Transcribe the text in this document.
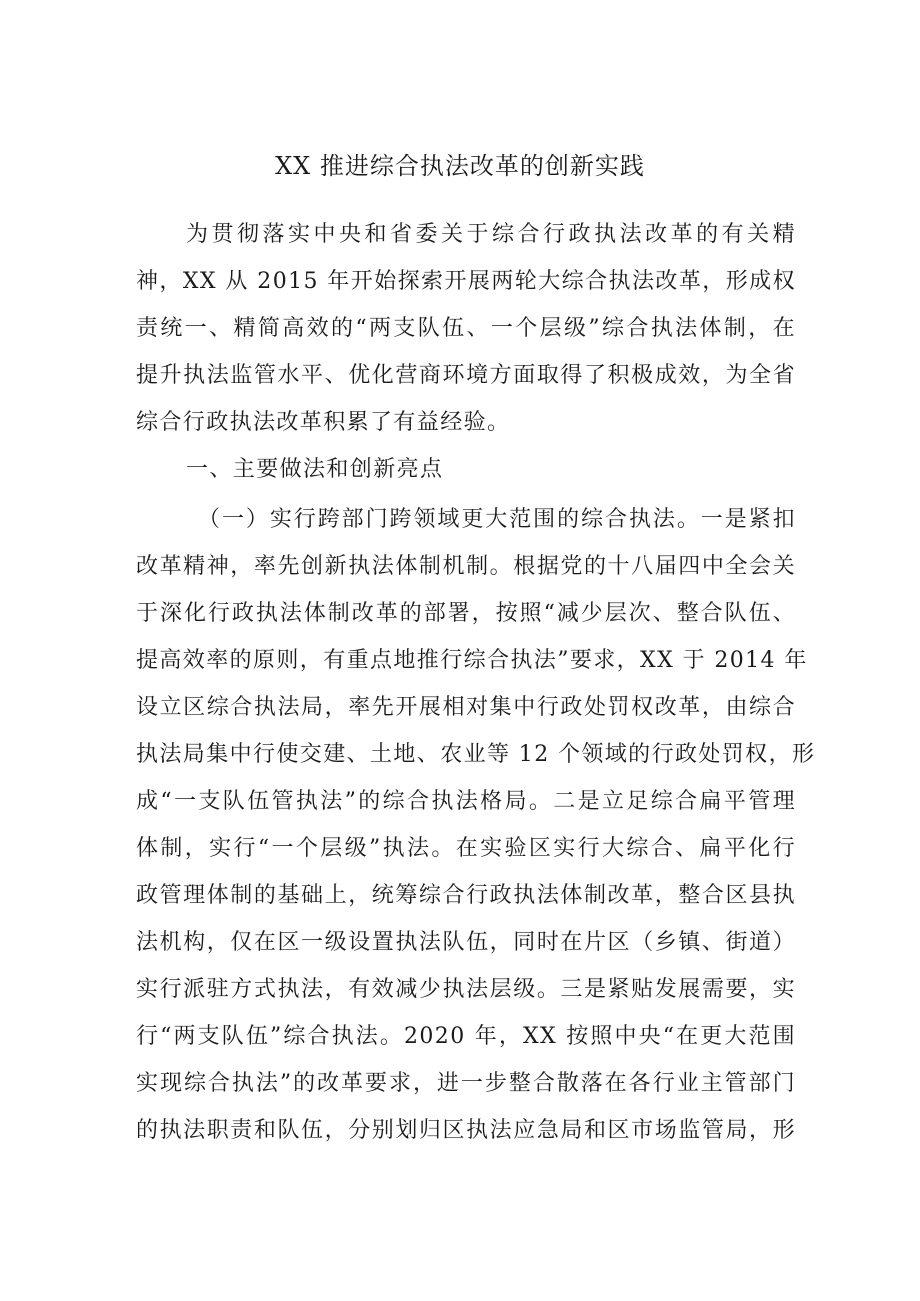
XX 推进综合执法改革的创新实践
为贯彻落实中央和省委关于综合行政执法改革的有关精
神，XX 从 2015 年开始探索开展两轮大综合执法改革，形成权
责统一、精简高效的“两支队伍、一个层级”综合执法体制，在
提升执法监管水平、优化营商环境方面取得了积极成效，为全省
综合行政执法改革积累了有益经验。
一、主要做法和创新亮点
（一）实行跨部门跨领域更大范围的综合执法。一是紧扣
改革精神，率先创新执法体制机制。根据党的十八届四中全会关
于深化行政执法体制改革的部署，按照“减少层次、整合队伍、
提高效率的原则，有重点地推行综合执法”要求，XX 于 2014 年
设立区综合执法局，率先开展相对集中行政处罚权改革，由综合
执法局集中行使交建、土地、农业等 12 个领域的行政处罚权，形
成“一支队伍管执法”的综合执法格局。二是立足综合扁平管理
体制，实行“一个层级”执法。在实验区实行大综合、扁平化行
政管理体制的基础上，统筹综合行政执法体制改革，整合区县执
法机构，仅在区一级设置执法队伍，同时在片区（乡镇、街道）
实行派驻方式执法，有效减少执法层级。三是紧贴发展需要，实
行“两支队伍”综合执法。2020 年，XX 按照中央“在更大范围
实现综合执法”的改革要求，进一步整合散落在各行业主管部门
的执法职责和队伍，分别划归区执法应急局和区市场监管局，形
